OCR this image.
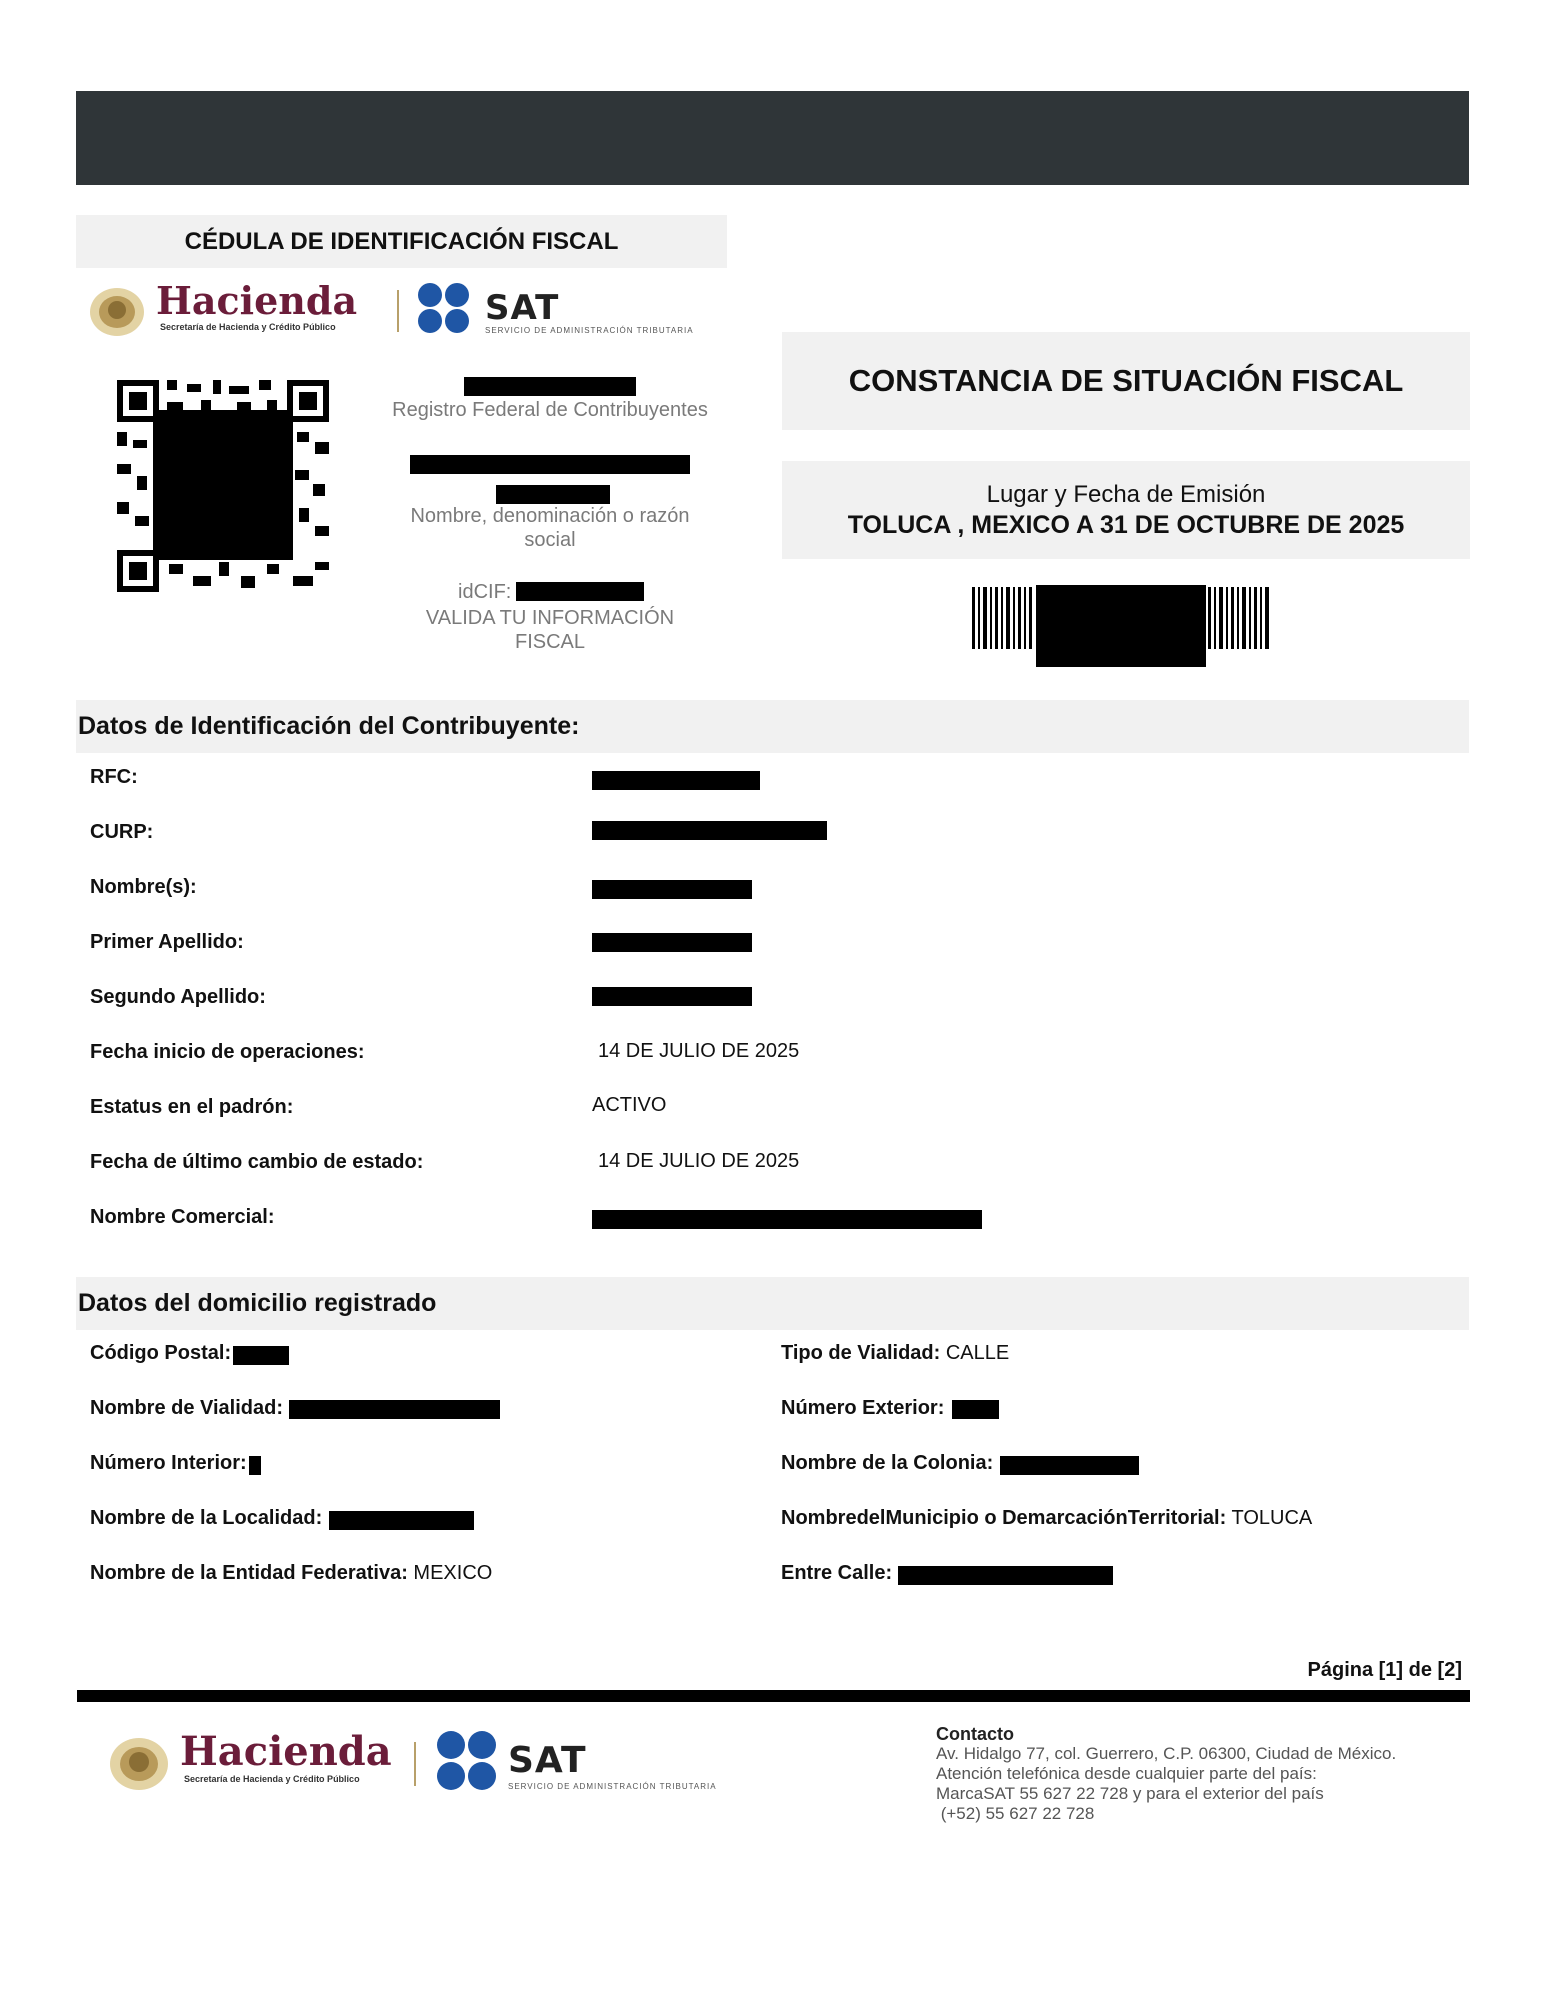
CÉDULA DE IDENTIFICACIÓN FISCAL
Hacienda
Secretaría de Hacienda y Crédito Público	SAT
SERVICIO DE ADMINISTRACIÓN TRIBUTARIA
Registro Federal de Contribuyentes
Nombre, denominación o razón social
idCIF:
VALIDA TU INFORMACIÓN FISCAL
CONSTANCIA DE SITUACIÓN FISCAL
Lugar y Fecha de Emisión
TOLUCA , MEXICO A 31 DE OCTUBRE DE 2025
Datos de Identificación del Contribuyente:
RFC:
CURP:
Nombre(s):
Primer Apellido:
Segundo Apellido:
Fecha inicio de operaciones:	14 DE JULIO DE 2025
Estatus en el padrón:	ACTIVO
Fecha de último cambio de estado:	14 DE JULIO DE 2025
Nombre Comercial:
Datos del domicilio registrado
Código Postal:
Nombre de Vialidad:
Número Interior:
Nombre de la Localidad:
Nombre de la Entidad Federativa: MEXICO
Tipo de Vialidad: CALLE
Número Exterior:
Nombre de la Colonia:
NombredelMunicipio o DemarcaciónTerritorial: TOLUCA
Entre Calle:
Página [1] de [2]
Hacienda
Secretaría de Hacienda y Crédito Público	SAT
SERVICIO DE ADMINISTRACIÓN TRIBUTARIA
Contacto
Av. Hidalgo 77, col. Guerrero, C.P. 06300, Ciudad de México.
Atención telefónica desde cualquier parte del país:
MarcaSAT 55 627 22 728 y para el exterior del país
(+52) 55 627 22 728
